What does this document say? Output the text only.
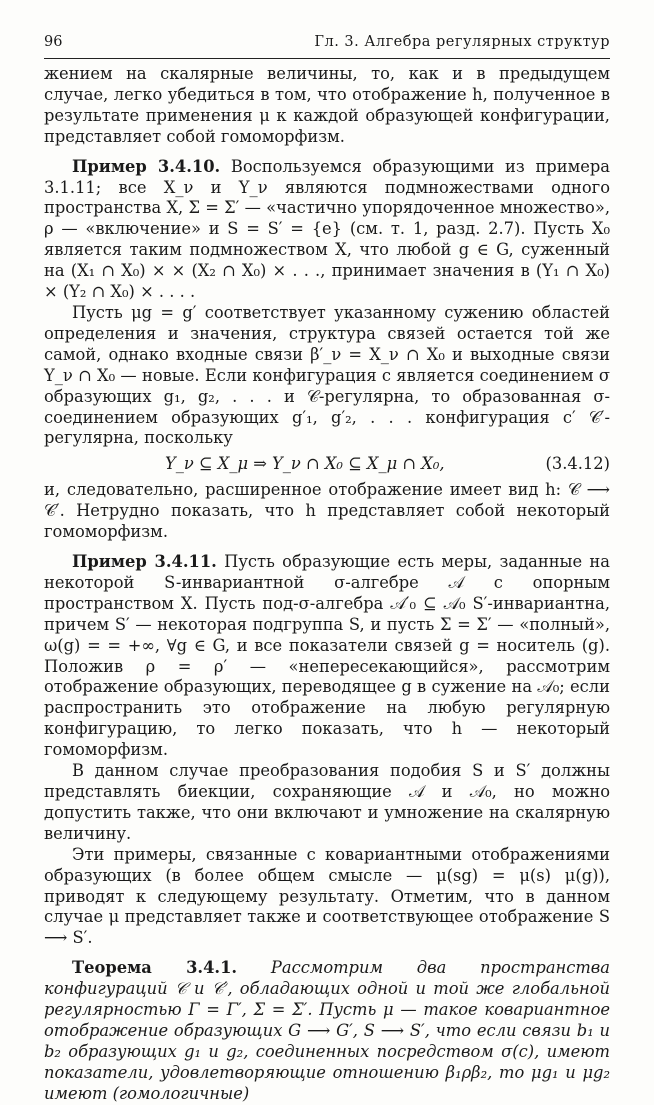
96	Гл. 3. Алгебра регулярных структур

жением на скалярные величины, то, как и в предыдущем случае, легко убедиться в том, что отображение h, полученное в результате применения μ к каждой образующей конфигурации, представляет собой гомоморфизм.

Пример 3.4.10. Воспользуемся образующими из примера 3.1.11; все X_ν и Y_ν являются подмножествами одного пространства X, Σ = Σ′ — «частично упорядоченное множество», ρ — «включение» и S = S′ = {e} (см. т. 1, разд. 2.7). Пусть X₀ является таким подмножеством X, что любой g ∈ G, суженный на (X₁ ∩ X₀) × × (X₂ ∩ X₀) × . . ., принимает значения в (Y₁ ∩ X₀) × (Y₂ ∩ X₀) × . . . .

Пусть μg = g′ соответствует указанному сужению областей определения и значения, структура связей остается той же самой, однако входные связи β′_ν = X_ν ∩ X₀ и выходные связи Y_ν ∩ X₀ — новые. Если конфигурация c является соединением σ образующих g₁, g₂, . . . и 𝒞-регулярна, то образованная σ-соединением образующих g′₁, g′₂, . . . конфигурация c′ 𝒞′-регулярна, поскольку

Y_ν ⊆ X_μ ⇒ Y_ν ∩ X₀ ⊆ X_μ ∩ X₀,	(3.4.12)

и, следовательно, расширенное отображение имеет вид h: 𝒞 ⟶ 𝒞′. Нетрудно показать, что h представляет собой некоторый гомоморфизм.

Пример 3.4.11. Пусть образующие есть меры, заданные на некоторой S-инвариантной σ-алгебре 𝒜 с опорным пространством X. Пусть под-σ-алгебра 𝒜′₀ ⊆ 𝒜₀ S′-инвариантна, причем S′ — некоторая подгруппа S, и пусть Σ = Σ′ — «полный», ω(g) = = +∞, ∀g ∈ G, и все показатели связей g = носитель (g). Положив ρ = ρ′ — «непересекающийся», рассмотрим отображение образующих, переводящее g в сужение на 𝒜₀; если распространить это отображение на любую регулярную конфигурацию, то легко показать, что h — некоторый гомоморфизм.

В данном случае преобразования подобия S и S′ должны представлять биекции, сохраняющие 𝒜 и 𝒜₀, но можно допустить также, что они включают и умножение на скалярную величину.

Эти примеры, связанные с ковариантными отображениями образующих (в более общем смысле — μ(sg) = μ(s) μ(g)), приводят к следующему результату. Отметим, что в данном случае μ представляет также и соответствующее отображение S ⟶ S′.

Теорема 3.4.1. Рассмотрим два пространства конфигураций 𝒞 и 𝒞′, обладающих одной и той же глобальной регулярностью Γ = Γ′, Σ = Σ′. Пусть μ — такое ковариантное отображение образующих G ⟶ G′, S ⟶ S′, что если связи b₁ и b₂ образующих g₁ и g₂, соединенных посредством σ(c), имеют показатели, удовлетворяющие отношению β₁ρβ₂, то μg₁ и μg₂ имеют (гомологичные)
